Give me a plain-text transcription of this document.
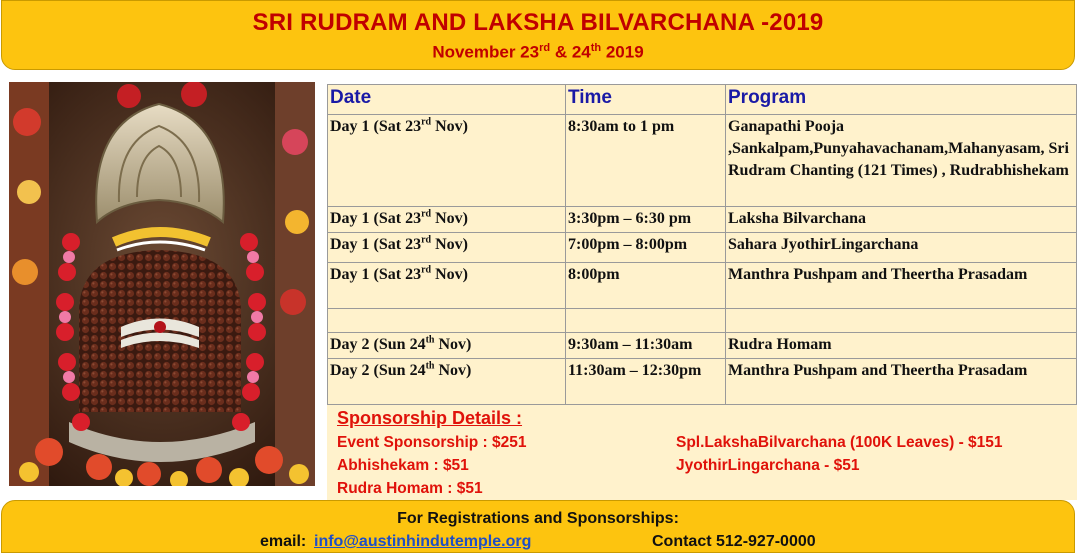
SRI RUDRAM AND LAKSHA BILVARCHANA -2019
November 23rd & 24th 2019
Date	Time	Program
Day 1 (Sat 23rd Nov)	8:30am to 1 pm	Ganapathi Pooja ,Sankalpam,Punyahavachanam,Mahanyasam, Sri Rudram Chanting (121 Times) , Rudrabhishekam
Day 1 (Sat 23rd Nov)	3:30pm – 6:30 pm	Laksha Bilvarchana
Day 1 (Sat 23rd Nov)	7:00pm – 8:00pm	Sahara JyothirLingarchana
Day 1 (Sat 23rd Nov)	8:00pm	Manthra Pushpam and Theertha Prasadam

Day 2 (Sun 24th Nov)	9:30am – 11:30am	Rudra Homam
Day 2 (Sun 24th Nov)	11:30am – 12:30pm	Manthra Pushpam and Theertha Prasadam
Sponsorship Details :
Event Sponsorship : $251
Abhishekam : $51
Rudra Homam : $51
Spl.LakshaBilvarchana (100K Leaves) - $151
JyothirLingarchana - $51
For Registrations and Sponsorships:
email: info@austinhindutemple.org	Contact 512-927-0000
